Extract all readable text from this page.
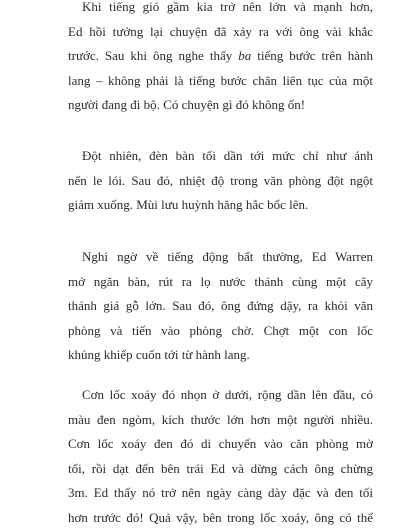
Khi tiếng gió gầm kia trở nên lớn và mạnh hơn,
Ed hồi tưởng lại chuyện đã xảy ra với ông vài khắc
trước. Sau khi ông nghe thấy ba tiếng bước trên hành
lang – không phải là tiếng bước chân liên tục của một
người đang đi bộ. Có chuyện gì đó không ổn!
Đột nhiên, đèn bàn tối dần tới mức chỉ như ánh
nến le lói. Sau đó, nhiệt độ trong văn phòng đột ngột
giảm xuống. Mùi lưu huỳnh hăng hắc bốc lên.
Nghi ngờ về tiếng động bất thường, Ed Warren
mở ngăn bàn, rút ra lọ nước thánh cùng một cây
thánh giá gỗ lớn. Sau đó, ông đứng dậy, ra khỏi văn
phòng và tiến vào phòng chờ. Chợt một con lốc
khủng khiếp cuốn tới từ hành lang.
Cơn lốc xoáy đó nhọn ở dưới, rộng dần lên đầu, có
màu đen ngòm, kích thước lớn hơn một người nhiều.
Cơn lốc xoáy đen đó di chuyển vào căn phòng mờ
tối, rồi dạt đến bên trái Ed và dừng cách ông chừng
3m. Ed thấy nó trở nên ngày càng dày đặc và đen tối
hơn trước đó! Quả vậy, bên trong lốc xoáy, ông có thể
